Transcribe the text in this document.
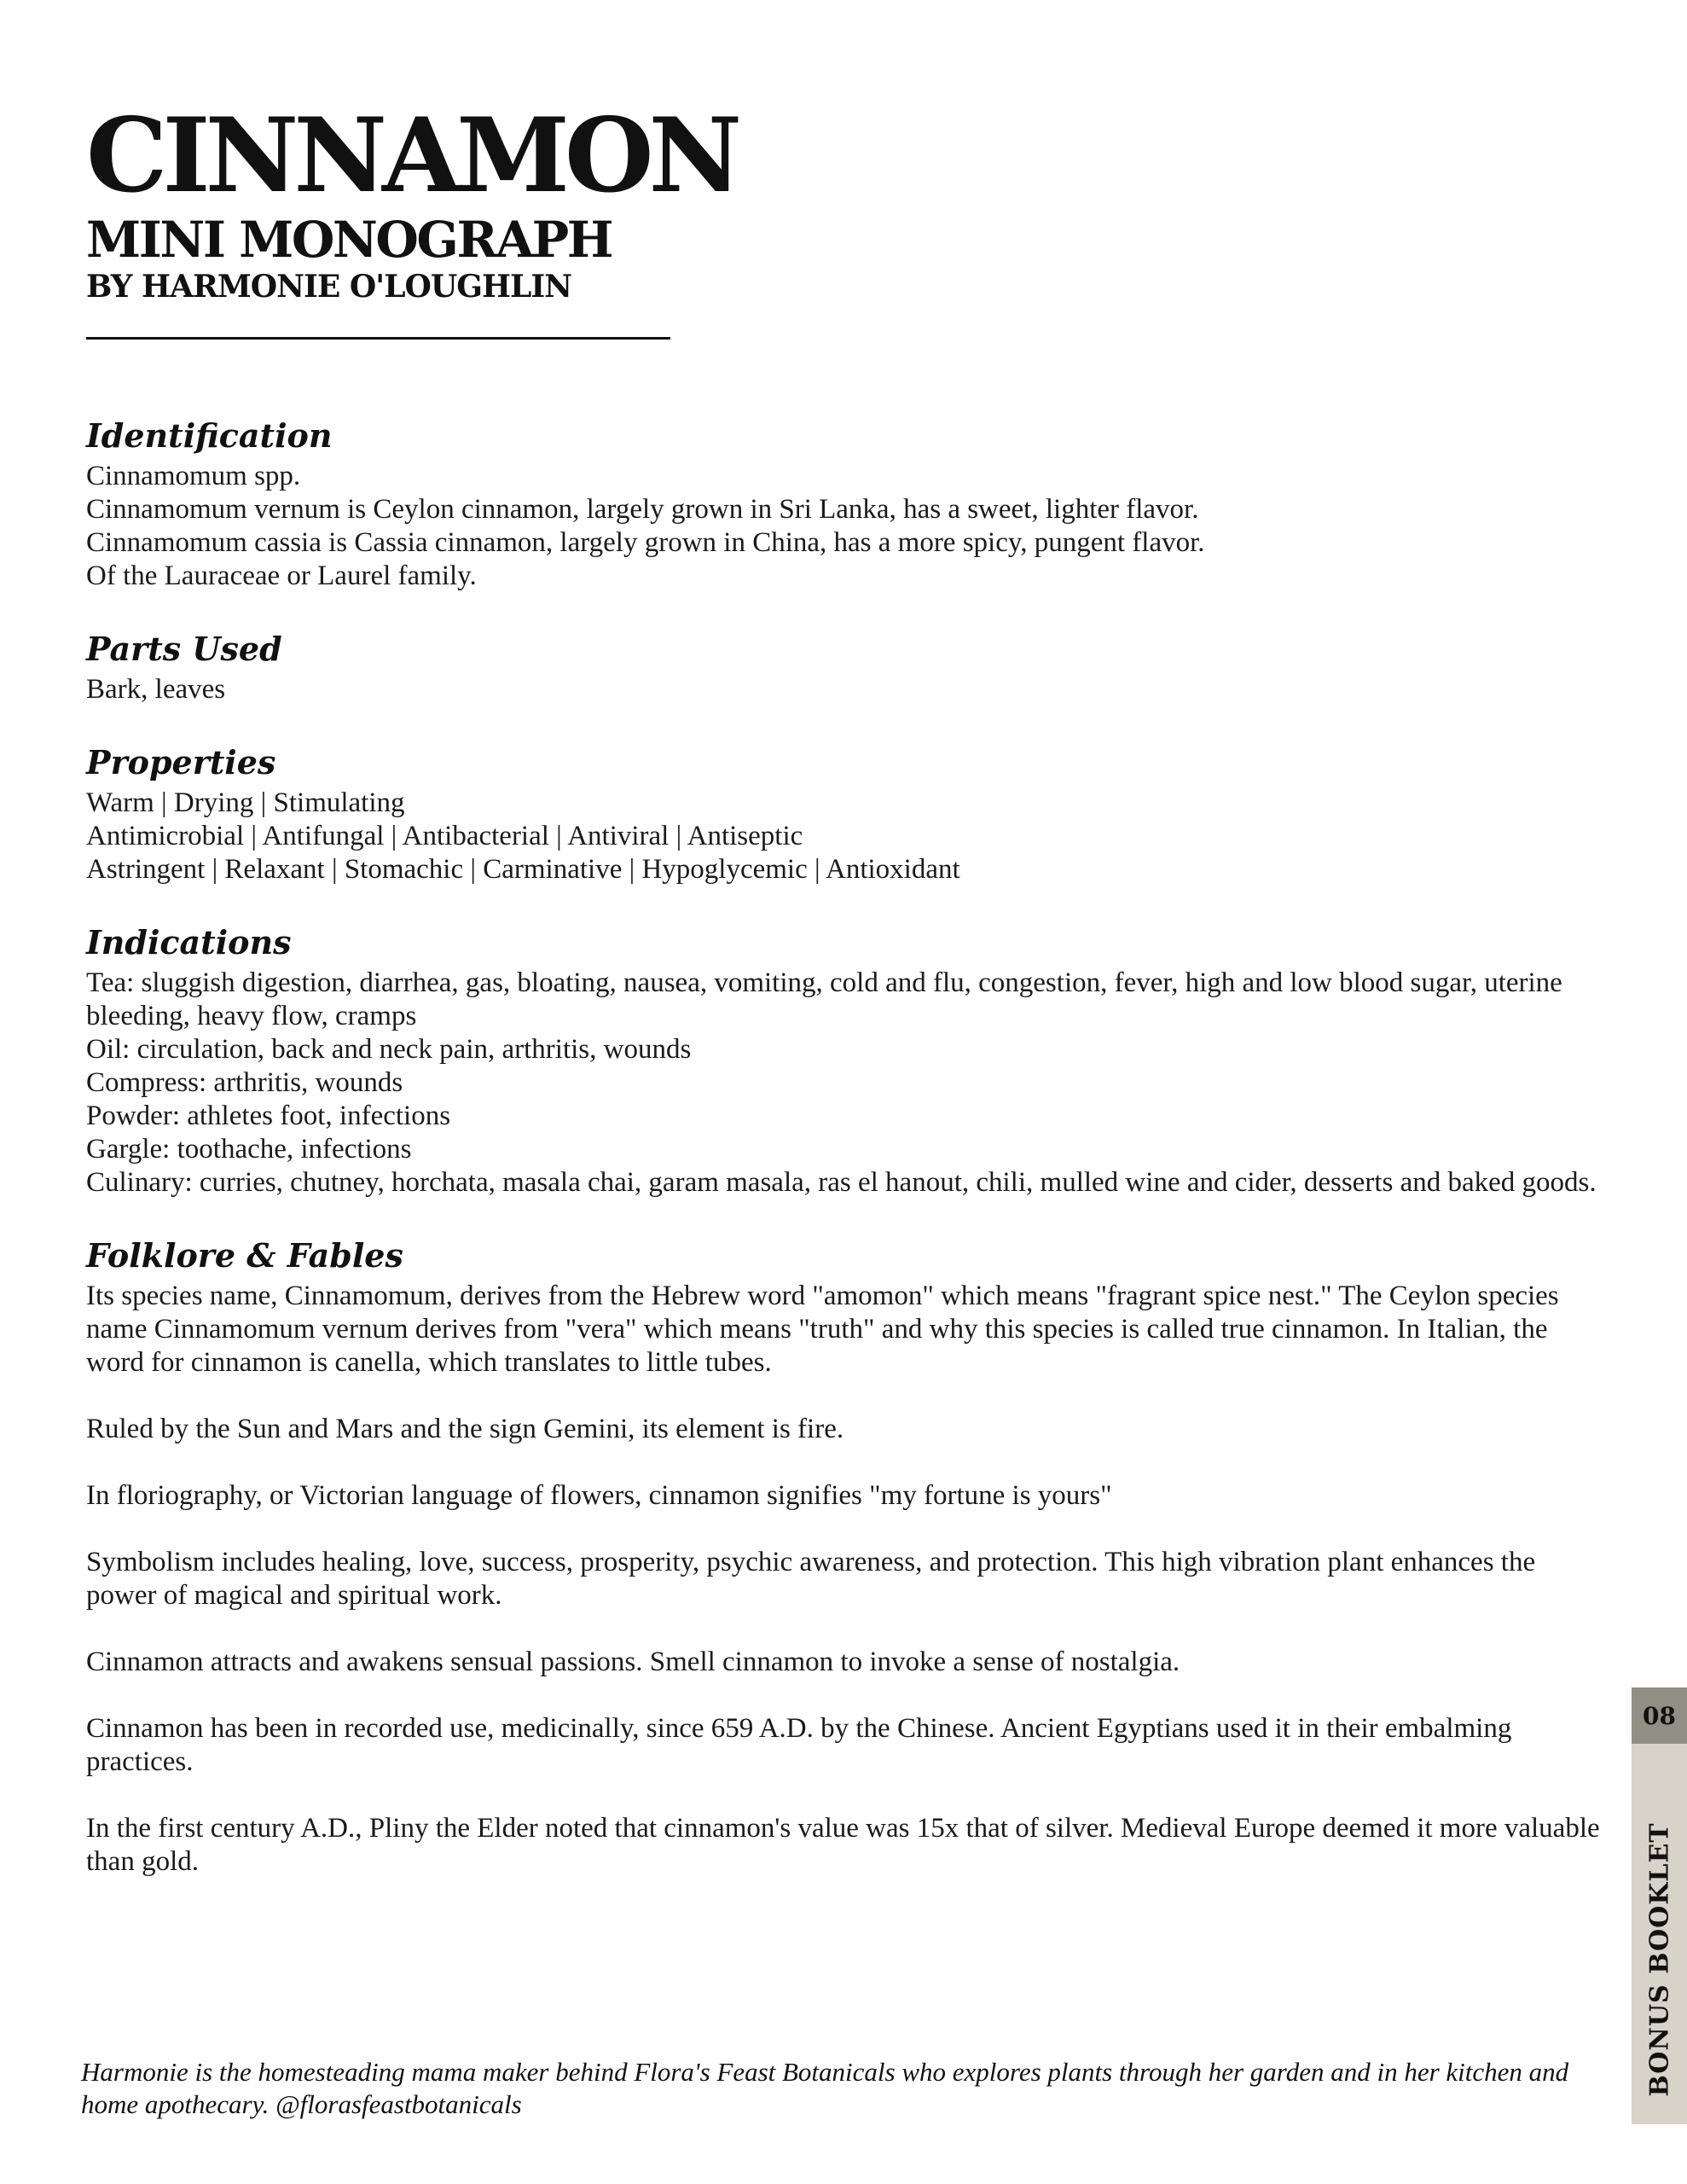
CINNAMON
MINI MONOGRAPH
BY HARMONIE O'LOUGHLIN
Identification

Cinnamomum spp.

Cinnamomum vernum is Ceylon cinnamon, largely grown in Sri Lanka, has a sweet, lighter flavor.

Cinnamomum cassia is Cassia cinnamon, largely grown in China, has a more spicy, pungent flavor.

Of the Lauraceae or Laurel family.

Parts Used

Bark, leaves

Properties

Warm | Drying | Stimulating

Antimicrobial | Antifungal | Antibacterial | Antiviral | Antiseptic

Astringent | Relaxant | Stomachic | Carminative | Hypoglycemic | Antioxidant

Indications

Tea: sluggish digestion, diarrhea, gas, bloating, nausea, vomiting, cold and flu, congestion, fever, high and low blood sugar, uterine bleeding, heavy flow, cramps

Oil: circulation, back and neck pain, arthritis, wounds

Compress: arthritis, wounds

Powder: athletes foot, infections

Gargle: toothache, infections

Culinary: curries, chutney, horchata, masala chai, garam masala, ras el hanout, chili, mulled wine and cider, desserts and baked goods.

Folklore & Fables

Its species name, Cinnamomum, derives from the Hebrew word "amomon" which means "fragrant spice nest." The Ceylon species name Cinnamomum vernum derives from "vera" which means "truth" and why this species is called true cinnamon. In Italian, the word for cinnamon is canella, which translates to little tubes.

Ruled by the Sun and Mars and the sign Gemini, its element is fire.

In floriography, or Victorian language of flowers, cinnamon signifies "my fortune is yours"

Symbolism includes healing, love, success, prosperity, psychic awareness, and protection. This high vibration plant enhances the power of magical and spiritual work.

Cinnamon attracts and awakens sensual passions. Smell cinnamon to invoke a sense of nostalgia.

Cinnamon has been in recorded use, medicinally, since 659 A.D. by the Chinese. Ancient Egyptians used it in their embalming practices.

In the first century A.D., Pliny the Elder noted that cinnamon's value was 15x that of silver. Medieval Europe deemed it more valuable than gold.

Harmonie is the homesteading mama maker behind Flora's Feast Botanicals who explores plants through her garden and in her kitchen and home apothecary. @florasfeastbotanicals
08
BONUS BOOKLET
